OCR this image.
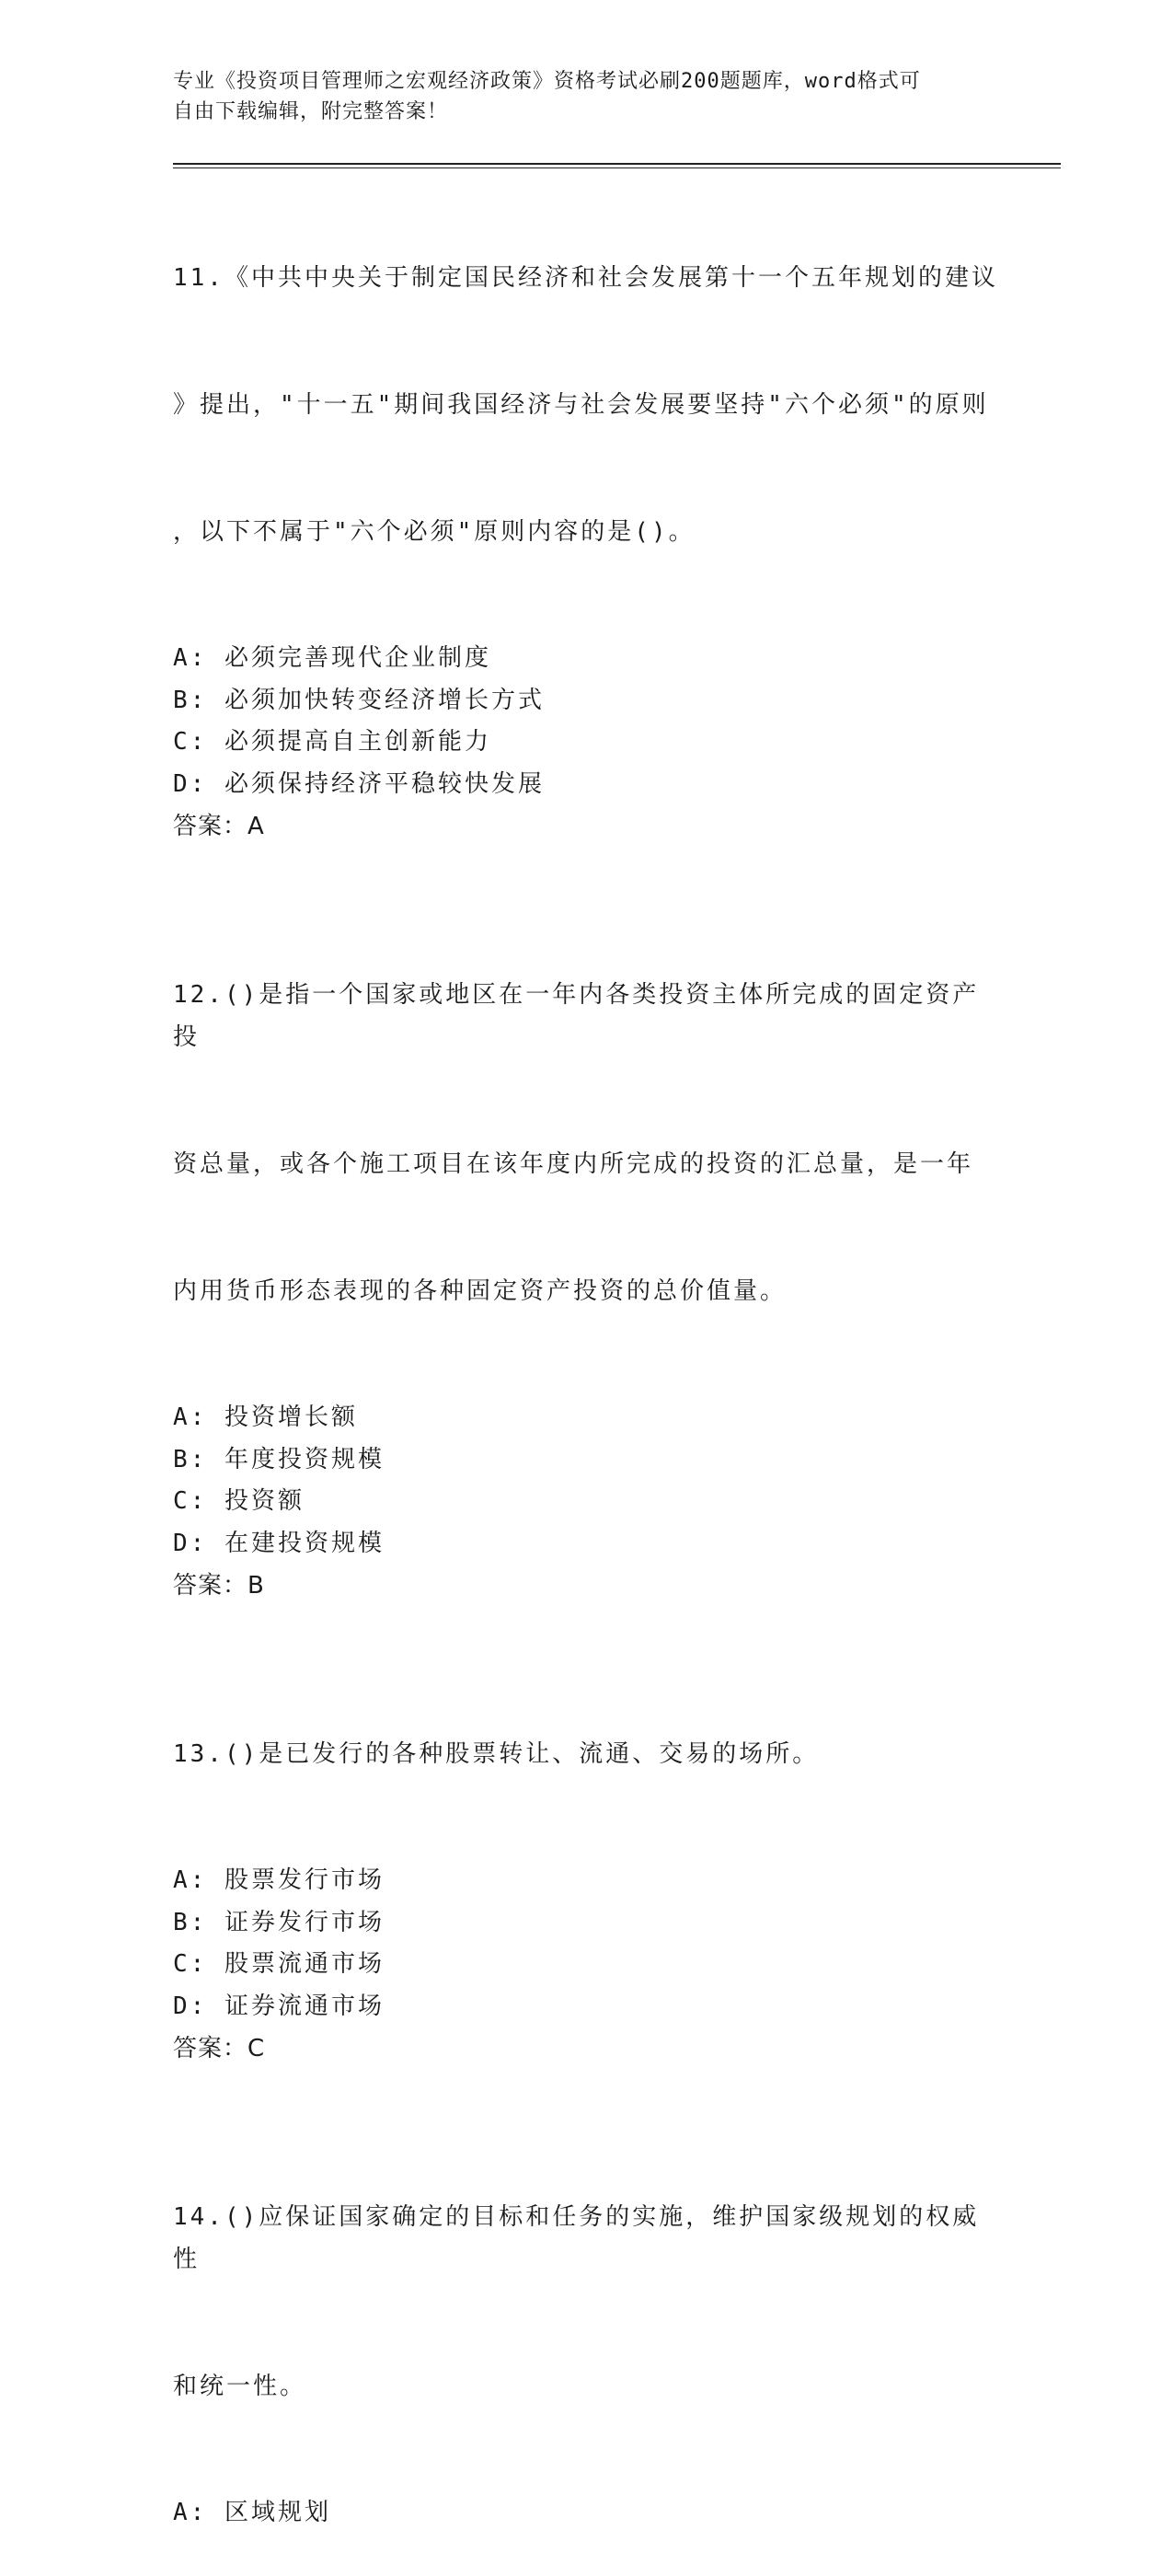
专业《投资项目管理师之宏观经济政策》资格考试必刷200题题库，word格式可
自由下载编辑，附完整答案！

11.《中共中央关于制定国民经济和社会发展第十一个五年规划的建议

》提出，"十一五"期间我国经济与社会发展要坚持"六个必须"的原则

，以下不属于"六个必须"原则内容的是()。

A: 必须完善现代企业制度
B: 必须加快转变经济增长方式
C: 必须提高自主创新能力
D: 必须保持经济平稳较快发展
答案：A

12.()是指一个国家或地区在一年内各类投资主体所完成的固定资产投

资总量，或各个施工项目在该年度内所完成的投资的汇总量，是一年

内用货币形态表现的各种固定资产投资的总价值量。

A: 投资增长额
B: 年度投资规模
C: 投资额
D: 在建投资规模
答案：B

13.()是已发行的各种股票转让、流通、交易的场所。

A: 股票发行市场
B: 证券发行市场
C: 股票流通市场
D: 证券流通市场
答案：C

14.()应保证国家确定的目标和任务的实施，维护国家级规划的权威性

和统一性。

A: 区域规划
